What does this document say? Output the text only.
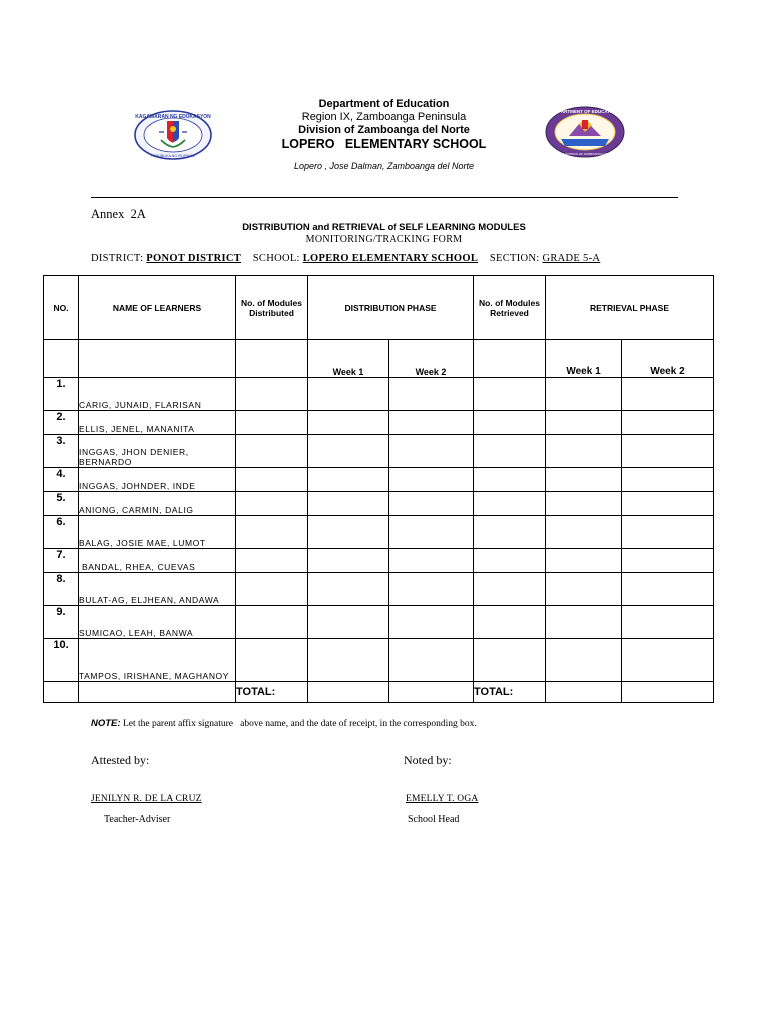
KAGAWARAN NG EDUKASYON
REPUBLIKA NG PILIPINAS
DEPARTMENT OF EDUCATION
SCHOOLS DIVISION OF ZAMBOANGA DEL NORTE
Department of Education
Region IX, Zamboanga Peninsula
Division of Zamboanga del Norte
LOPERO   ELEMENTARY SCHOOL
Lopero , Jose Dalman, Zamboanga del Norte
Annex  2A
DISTRIBUTION and RETRIEVAL of SELF LEARNING MODULES
MONITORING/TRACKING FORM
DISTRICT: PONOT DISTRICT SCHOOL: LOPERO ELEMENTARY SCHOOL SECTION: GRADE 5-A
NO.	NAME OF LEARNERS	No. of Modules Distributed	DISTRIBUTION PHASE		No. of Modules Retrieved	RETRIEVAL PHASE	
			Week 1	Week 2		Week 1	Week 2
1.	CARIG, JUNAID, FLARISAN						
2.	ELLIS, JENEL, MANANITA						
3.	INGGAS, JHON DENIER, BERNARDO						
4.	INGGAS, JOHNDER, INDE						
5.	ANIONG, CARMIN, DALIG						
6.	BALAG, JOSIE MAE, LUMOT						
7.	BANDAL, RHEA, CUEVAS						
8.	BULAT-AG, ELJHEAN, ANDAWA						
9.	SUMICAO, LEAH, BANWA						
10.	TAMPOS, IRISHANE, MAGHANOY						
		TOTAL:			TOTAL:		
NOTE: Let the parent affix signature   above name, and the date of receipt, in the corresponding box.
Attested by:	Noted by:
JENILYN R. DE LA CRUZ	EMELLY T. OGA
Teacher-Adviser	School Head
